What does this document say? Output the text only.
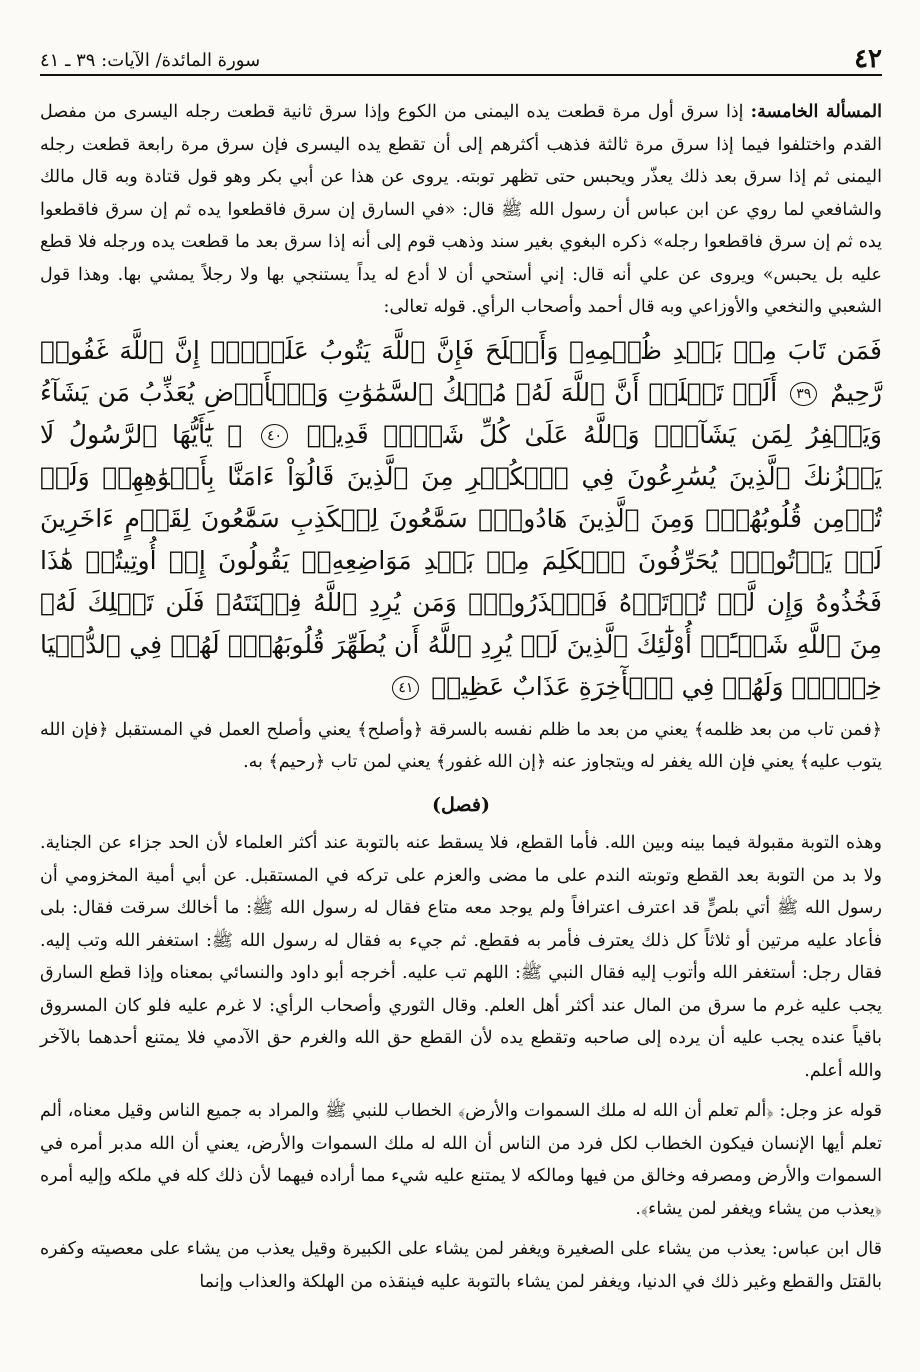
٤٢
سورة المائدة/ الآيات: ٣٩ ـ ٤١

المسألة الخامسة: إذا سرق أول مرة قطعت يده اليمنى من الكوع وإذا سرق ثانية قطعت رجله اليسرى من مفصل القدم واختلفوا فيما إذا سرق مرة ثالثة فذهب أكثرهم إلى أن تقطع يده اليسرى فإن سرق مرة رابعة قطعت رجله اليمنى ثم إذا سرق بعد ذلك يعذّر ويحبس حتى تظهر توبته. يروى عن هذا عن أبي بكر وهو قول قتادة وبه قال مالك والشافعي لما روي عن ابن عباس أن رسول الله ﷺ قال: «في السارق إن سرق فاقطعوا يده ثم إن سرق فاقطعوا يده ثم إن سرق فاقطعوا رجله» ذكره البغوي بغير سند وذهب قوم إلى أنه إذا سرق بعد ما قطعت يده ورجله فلا قطع عليه بل يحبس» ويروى عن علي أنه قال: إني أستحي أن لا أدع له يداً يستنجي بها ولا رجلاً يمشي بها. وهذا قول الشعبي والنخعي والأوزاعي وبه قال أحمد وأصحاب الرأي. قوله تعالى:

فَمَن تَابَ مِنۢ بَعۡدِ ظُلۡمِهِۦ وَأَصۡلَحَ فَإِنَّ ٱللَّهَ يَتُوبُ عَلَيۡهِۚ إِنَّ ٱللَّهَ غَفُورٞ رَّحِيمٌ ٣٩ أَلَمۡ تَعۡلَمۡ أَنَّ ٱللَّهَ لَهُۥ مُلۡكُ ٱلسَّمَٰوَٰتِ وَٱلۡأَرۡضِ يُعَذِّبُ مَن يَشَآءُ وَيَغۡفِرُ لِمَن يَشَآءُۗ وَٱللَّهُ عَلَىٰ كُلِّ شَيۡءٖ قَدِيرٞ ٤٠ ۞ يَٰٓأَيُّهَا ٱلرَّسُولُ لَا يَحۡزُنكَ ٱلَّذِينَ يُسَٰرِعُونَ فِي ٱلۡكُفۡرِ مِنَ ٱلَّذِينَ قَالُوٓاْ ءَامَنَّا بِأَفۡوَٰهِهِمۡ وَلَمۡ تُؤۡمِن قُلُوبُهُمۡۛ وَمِنَ ٱلَّذِينَ هَادُواْۛ سَمَّٰعُونَ لِلۡكَذِبِ سَمَّٰعُونَ لِقَوۡمٍ ءَاخَرِينَ لَمۡ يَأۡتُوكَۖ يُحَرِّفُونَ ٱلۡكَلِمَ مِنۢ بَعۡدِ مَوَاضِعِهِۦۖ يَقُولُونَ إِنۡ أُوتِيتُمۡ هَٰذَا فَخُذُوهُ وَإِن لَّمۡ تُؤۡتَوۡهُ فَٱحۡذَرُواْۚ وَمَن يُرِدِ ٱللَّهُ فِتۡنَتَهُۥ فَلَن تَمۡلِكَ لَهُۥ مِنَ ٱللَّهِ شَيۡـًٔاۚ أُوْلَٰٓئِكَ ٱلَّذِينَ لَمۡ يُرِدِ ٱللَّهُ أَن يُطَهِّرَ قُلُوبَهُمۡۚ لَهُمۡ فِي ٱلدُّنۡيَا خِزۡيٞۖ وَلَهُمۡ فِي ٱلۡأٓخِرَةِ عَذَابٌ عَظِيمٞ ٤١

﴿فمن تاب من بعد ظلمه﴾ يعني من بعد ما ظلم نفسه بالسرقة ﴿وأصلح﴾ يعني وأصلح العمل في المستقبل ﴿فإن الله يتوب عليه﴾ يعني فإن الله يغفر له ويتجاوز عنه ﴿إن الله غفور﴾ يعني لمن تاب ﴿رحيم﴾ به.

(فصل)

وهذه التوبة مقبولة فيما بينه وبين الله. فأما القطع، فلا يسقط عنه بالتوبة عند أكثر العلماء لأن الحد جزاء عن الجناية. ولا بد من التوبة بعد القطع وتوبته الندم على ما مضى والعزم على تركه في المستقبل. عن أبي أمية المخزومي أن رسول الله ﷺ أتي بلصٍّ قد اعترف اعترافاً ولم يوجد معه متاع فقال له رسول الله ﷺ: ما أخالك سرقت فقال: بلى فأعاد عليه مرتين أو ثلاثاً كل ذلك يعترف فأمر به فقطع. ثم جيء به فقال له رسول الله ﷺ: استغفر الله وتب إليه. فقال رجل: أستغفر الله وأتوب إليه فقال النبي ﷺ: اللهم تب عليه. أخرجه أبو داود والنسائي بمعناه وإذا قطع السارق يجب عليه غرم ما سرق من المال عند أكثر أهل العلم. وقال الثوري وأصحاب الرأي: لا غرم عليه فلو كان المسروق باقياً عنده يجب عليه أن يرده إلى صاحبه وتقطع يده لأن القطع حق الله والغرم حق الآدمي فلا يمتنع أحدهما بالآخر والله أعلم.

قوله عز وجل: ﴿ألم تعلم أن الله له ملك السموات والأرض﴾ الخطاب للنبي ﷺ والمراد به جميع الناس وقيل معناه، ألم تعلم أيها الإنسان فيكون الخطاب لكل فرد من الناس أن الله له ملك السموات والأرض، يعني أن الله مدبر أمره في السموات والأرض ومصرفه وخالق من فيها ومالكه لا يمتنع عليه شيء مما أراده فيهما لأن ذلك كله في ملكه وإليه أمره ﴿يعذب من يشاء ويغفر لمن يشاء﴾.

قال ابن عباس: يعذب من يشاء على الصغيرة ويغفر لمن يشاء على الكبيرة وقيل يعذب من يشاء على معصيته وكفره بالقتل والقطع وغير ذلك في الدنيا، ويغفر لمن يشاء بالتوبة عليه فينقذه من الهلكة والعذاب وإنما
